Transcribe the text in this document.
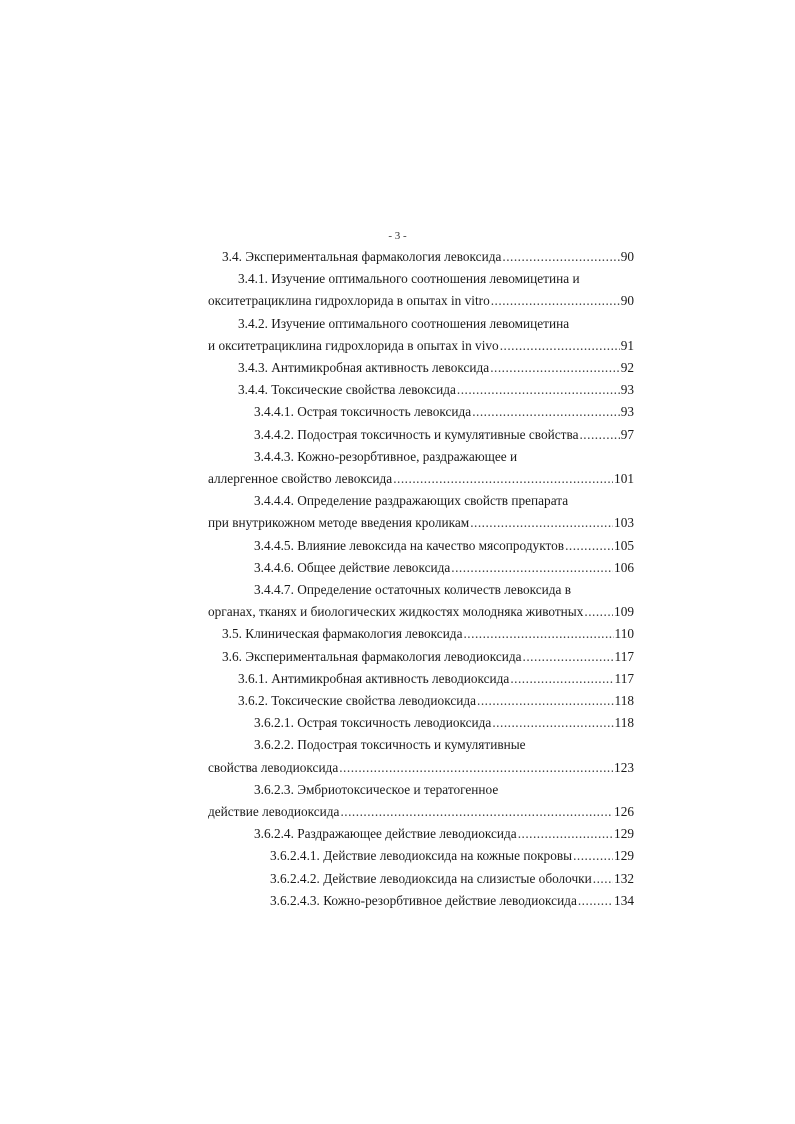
- 3 -
3.4. Экспериментальная фармакология левоксида .....	90
3.4.1. Изучение оптимального соотношения левомицетина и
окситетрациклина гидрохлорида в опытах in vitro .....	90
3.4.2. Изучение оптимального соотношения левомицетина
и окситетрациклина гидрохлорида в опытах in vivo .....	91
3.4.3. Антимикробная активность левоксида .....	92
3.4.4. Токсические свойства левоксида .....	93
3.4.4.1. Острая токсичность левоксида .....	93
3.4.4.2. Подострая токсичность и кумулятивные свойства .....	97
3.4.4.3. Кожно-резорбтивное, раздражающее и
аллергенное свойство левоксида .....	101
3.4.4.4. Определение раздражающих свойств препарата
при внутрикожном методе введения кроликам .....	103
3.4.4.5. Влияние левоксида на качество мясопродуктов .....	105
3.4.4.6. Общее действие левоксида .....	106
3.4.4.7. Определение остаточных количеств левоксида в
органах, тканях и биологических жидкостях молодняка животных ..... 109
3.5. Клиническая фармакология левоксида .....	110
3.6. Экспериментальная фармакология леводиоксида .....	117
3.6.1. Антимикробная активность леводиоксида .....	117
3.6.2. Токсические свойства леводиоксида .....	118
3.6.2.1. Острая токсичность леводиоксида .....	118
3.6.2.2. Подострая токсичность и кумулятивные
свойства леводиоксида .....	123
3.6.2.3. Эмбриотоксическое и тератогенное
действие леводиоксида .....	126
3.6.2.4. Раздражающее действие леводиоксида .....	129
3.6.2.4.1. Действие леводиоксида на кожные покровы .....	129
3.6.2.4.2. Действие леводиоксида на слизистые оболочки ..... 132
3.6.2.4.3. Кожно-резорбтивное действие леводиоксида .....	134
